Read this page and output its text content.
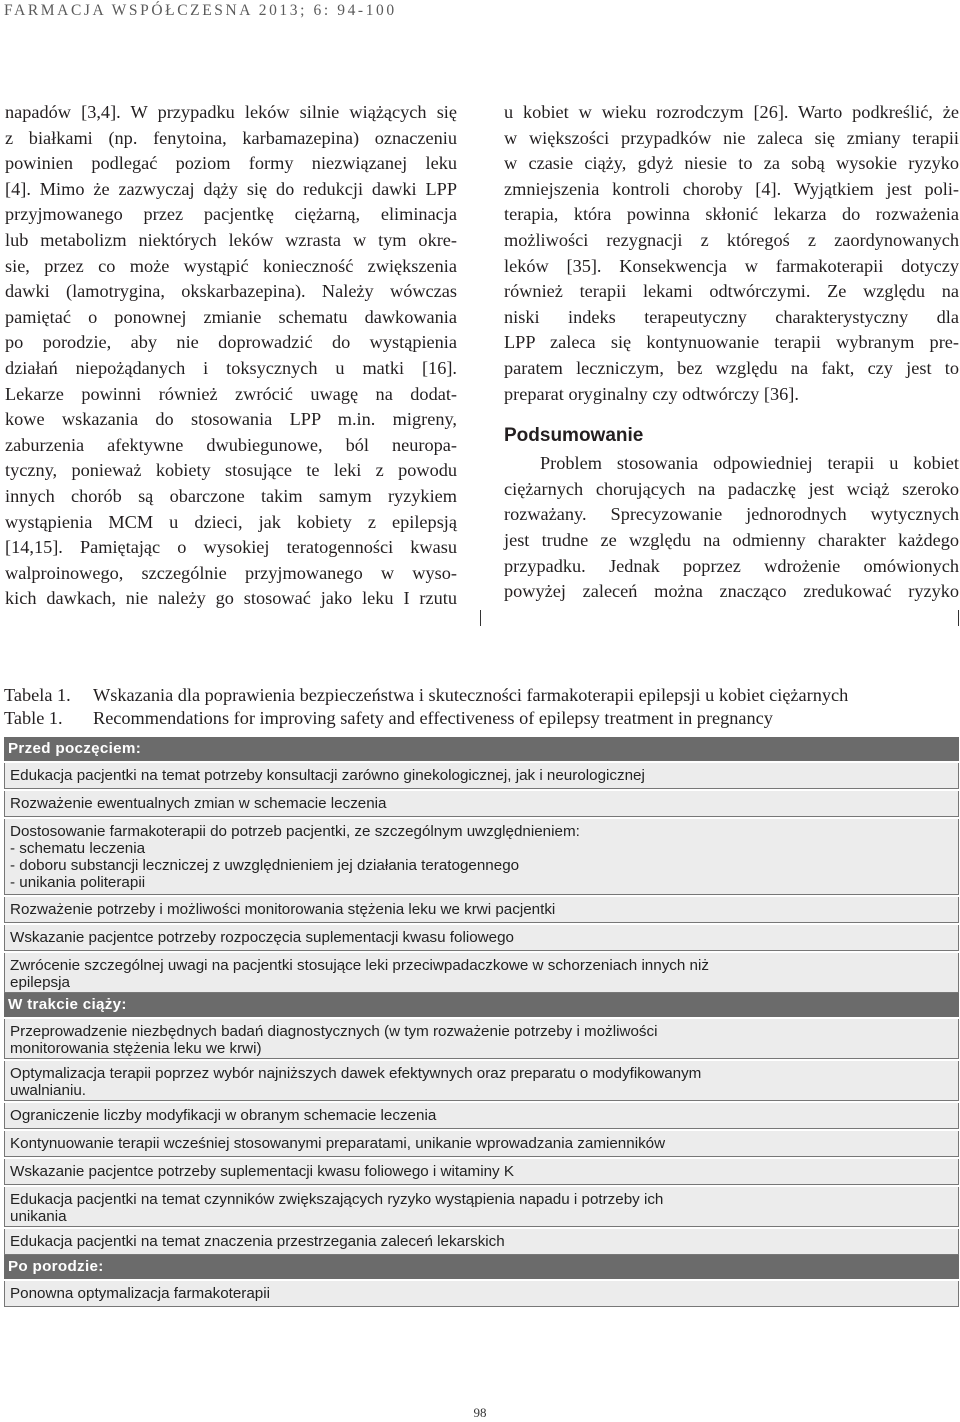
FARMACJA WSPÓŁCZESNA 2013; 6: 94-100

napadów [3,4]. W przypadku leków silnie wiążących się

z białkami (np. fenytoina, karbamazepina) oznaczeniu

powinien podlegać poziom formy niezwiązanej leku

[4]. Mimo że zazwyczaj dąży się do redukcji dawki LPP

przyjmowanego przez pacjentkę ciężarną, eliminacja

lub metabolizm niektórych leków wzrasta w tym okre-

sie, przez co może wystąpić konieczność zwiększenia

dawki (lamotrygina, okskarbazepina). Należy wówczas

pamiętać o ponownej zmianie schematu dawkowania

po porodzie, aby nie doprowadzić do wystąpienia

działań niepożądanych i toksycznych u matki [16].

Lekarze powinni również zwrócić uwagę na dodat-

kowe wskazania do stosowania LPP m.in. migreny,

zaburzenia afektywne dwubiegunowe, ból neuropa-

tyczny, ponieważ kobiety stosujące te leki z powodu

innych chorób są obarczone takim samym ryzykiem

wystąpienia MCM u dzieci, jak kobiety z epilepsją

[14,15]. Pamiętając o wysokiej teratogenności kwasu

walproinowego, szczególnie przyjmowanego w wyso-

kich dawkach, nie należy go stosować jako leku I rzutu

u kobiet w wieku rozrodczym [26]. Warto podkreślić, że

w większości przypadków nie zaleca się zmiany terapii

w czasie ciąży, gdyż niesie to za sobą wysokie ryzyko

zmniejszenia kontroli choroby [4]. Wyjątkiem jest poli-

terapia, która powinna skłonić lekarza do rozważenia

możliwości rezygnacji z któregoś z zaordynowanych

leków [35]. Konsekwencja w farmakoterapii dotyczy

również terapii lekami odtwórczymi. Ze względu na

niski indeks terapeutyczny charakterystyczny dla

LPP zaleca się kontynuowanie terapii wybranym pre-

paratem leczniczym, bez względu na fakt, czy jest to

preparat oryginalny czy odtwórczy [36].

Podsumowanie

Problem stosowania odpowiedniej terapii u kobiet

ciężarnych chorujących na padaczkę jest wciąż szeroko

rozważany. Sprecyzowanie jednorodnych wytycznych

jest trudne ze względu na odmienny charakter każdego

przypadku. Jednak poprzez wdrożenie omówionych

powyżej zaleceń można znacząco zredukować ryzyko

Tabela 1.	Wskazania dla poprawienia bezpieczeństwa i skuteczności farmakoterapii epilepsji u kobiet ciężarnych
Table 1.	Recommendations for improving safety and effectiveness of epilepsy treatment in pregnancy
Przed poczęciem:
Edukacja pacjentki na temat potrzeby konsultacji zarówno ginekologicznej, jak i neurologicznej
Rozważenie ewentualnych zmian w schemacie leczenia
Dostosowanie farmakoterapii do potrzeb pacjentki, ze szczególnym uwzględnieniem:
- schematu leczenia
- doboru substancji leczniczej z uwzględnieniem jej działania teratogennego
- unikania politerapii
Rozważenie potrzeby i możliwości monitorowania stężenia leku we krwi pacjentki
Wskazanie pacjentce potrzeby rozpoczęcia suplementacji kwasu foliowego
Zwrócenie szczególnej uwagi na pacjentki stosujące leki przeciwpadaczkowe w schorzeniach innych niż
epilepsja
W trakcie ciąży:
Przeprowadzenie niezbędnych badań diagnostycznych (w tym rozważenie potrzeby i możliwości
monitorowania stężenia leku we krwi)
Optymalizacja terapii poprzez wybór najniższych dawek efektywnych oraz preparatu o modyfikowanym
uwalnianiu.
Ograniczenie liczby modyfikacji w obranym schemacie leczenia
Kontynuowanie terapii wcześniej stosowanymi preparatami, unikanie wprowadzania zamienników
Wskazanie pacjentce potrzeby suplementacji kwasu foliowego i witaminy K
Edukacja pacjentki na temat czynników zwiększających ryzyko wystąpienia napadu i potrzeby ich
unikania
Edukacja pacjentki na temat znaczenia przestrzegania zaleceń lekarskich
Po porodzie:
Ponowna optymalizacja farmakoterapii
98
